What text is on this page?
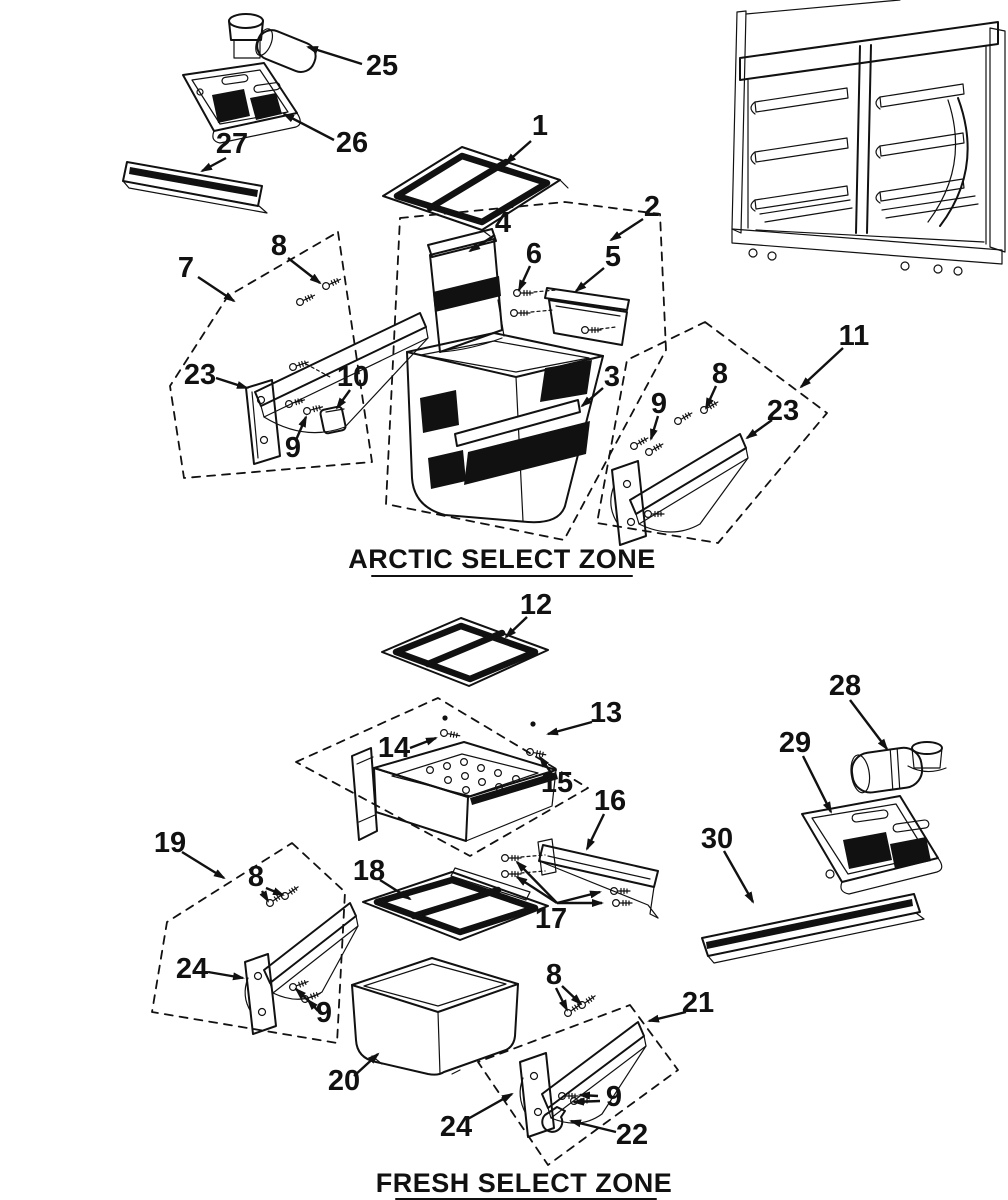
1
25
26
27
7
8
23	10
9
2
4
6 5
3
11
8
9	23
ARCTIC SELECT ZONE
12
13
14
15
16
17
18
19
8
24
9
20
8
21
9
24	22
28
29
30
FRESH SELECT ZONE
